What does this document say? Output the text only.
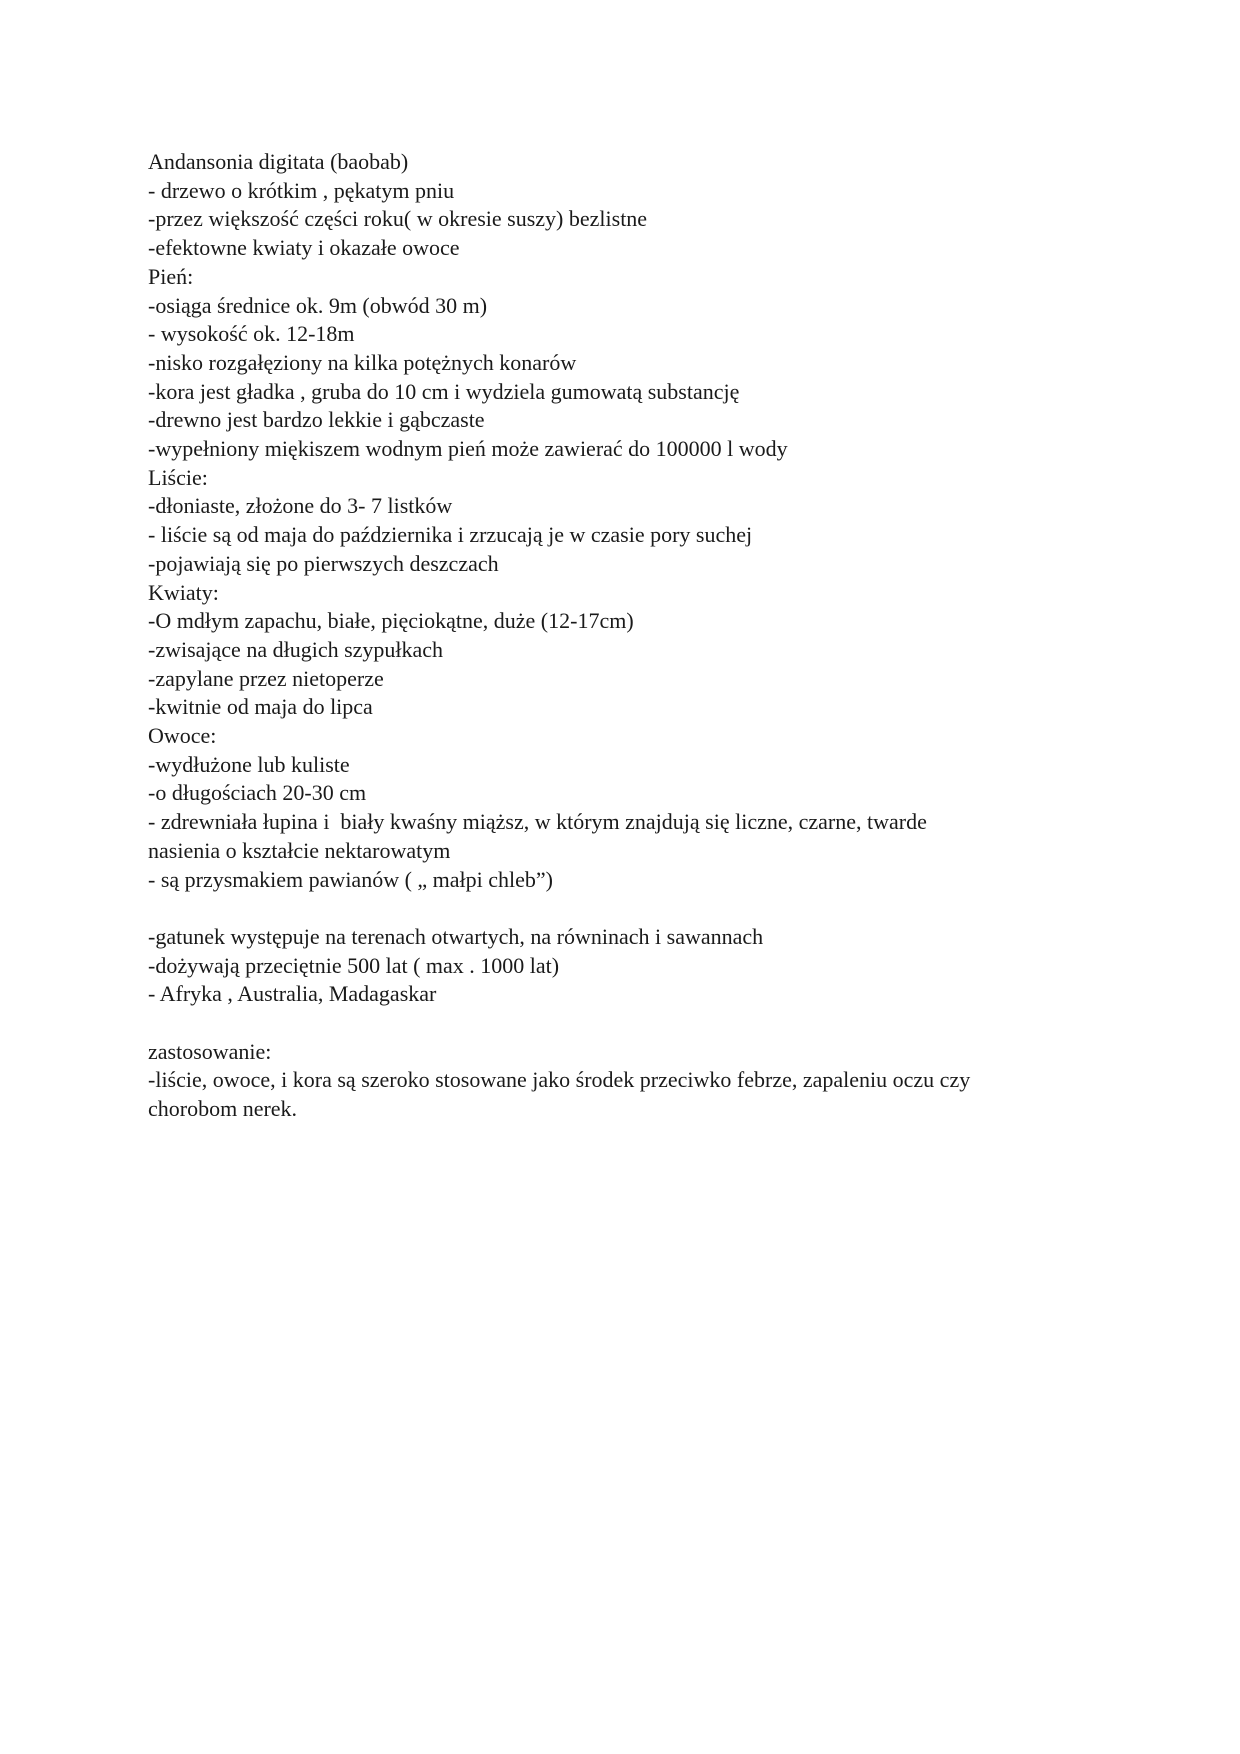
Andansonia digitata (baobab)
- drzewo o krótkim , pękatym pniu
-przez większość części roku( w okresie suszy) bezlistne
-efektowne kwiaty i okazałe owoce
Pień:
-osiąga średnice ok. 9m (obwód 30 m)
- wysokość ok. 12-18m
-nisko rozgałęziony na kilka potężnych konarów
-kora jest gładka , gruba do 10 cm i wydziela gumowatą substancję
-drewno jest bardzo lekkie i gąbczaste
-wypełniony miękiszem wodnym pień może zawierać do 100000 l wody
Liście:
-dłoniaste, złożone do 3- 7 listków
- liście są od maja do października i zrzucają je w czasie pory suchej
-pojawiają się po pierwszych deszczach
Kwiaty:
-O mdłym zapachu, białe, pięciokątne, duże (12-17cm)
-zwisające na długich szypułkach
-zapylane przez nietoperze
-kwitnie od maja do lipca
Owoce:
-wydłużone lub kuliste
-o długościach 20-30 cm
- zdrewniała łupina i  biały kwaśny miąższ, w którym znajdują się liczne, czarne, twarde
nasienia o kształcie nektarowatym
- są przysmakiem pawianów ( „ małpi chleb”)
-gatunek występuje na terenach otwartych, na równinach i sawannach
-dożywają przeciętnie 500 lat ( max . 1000 lat)
- Afryka , Australia, Madagaskar
zastosowanie:
-liście, owoce, i kora są szeroko stosowane jako środek przeciwko febrze, zapaleniu oczu czy
chorobom nerek.
